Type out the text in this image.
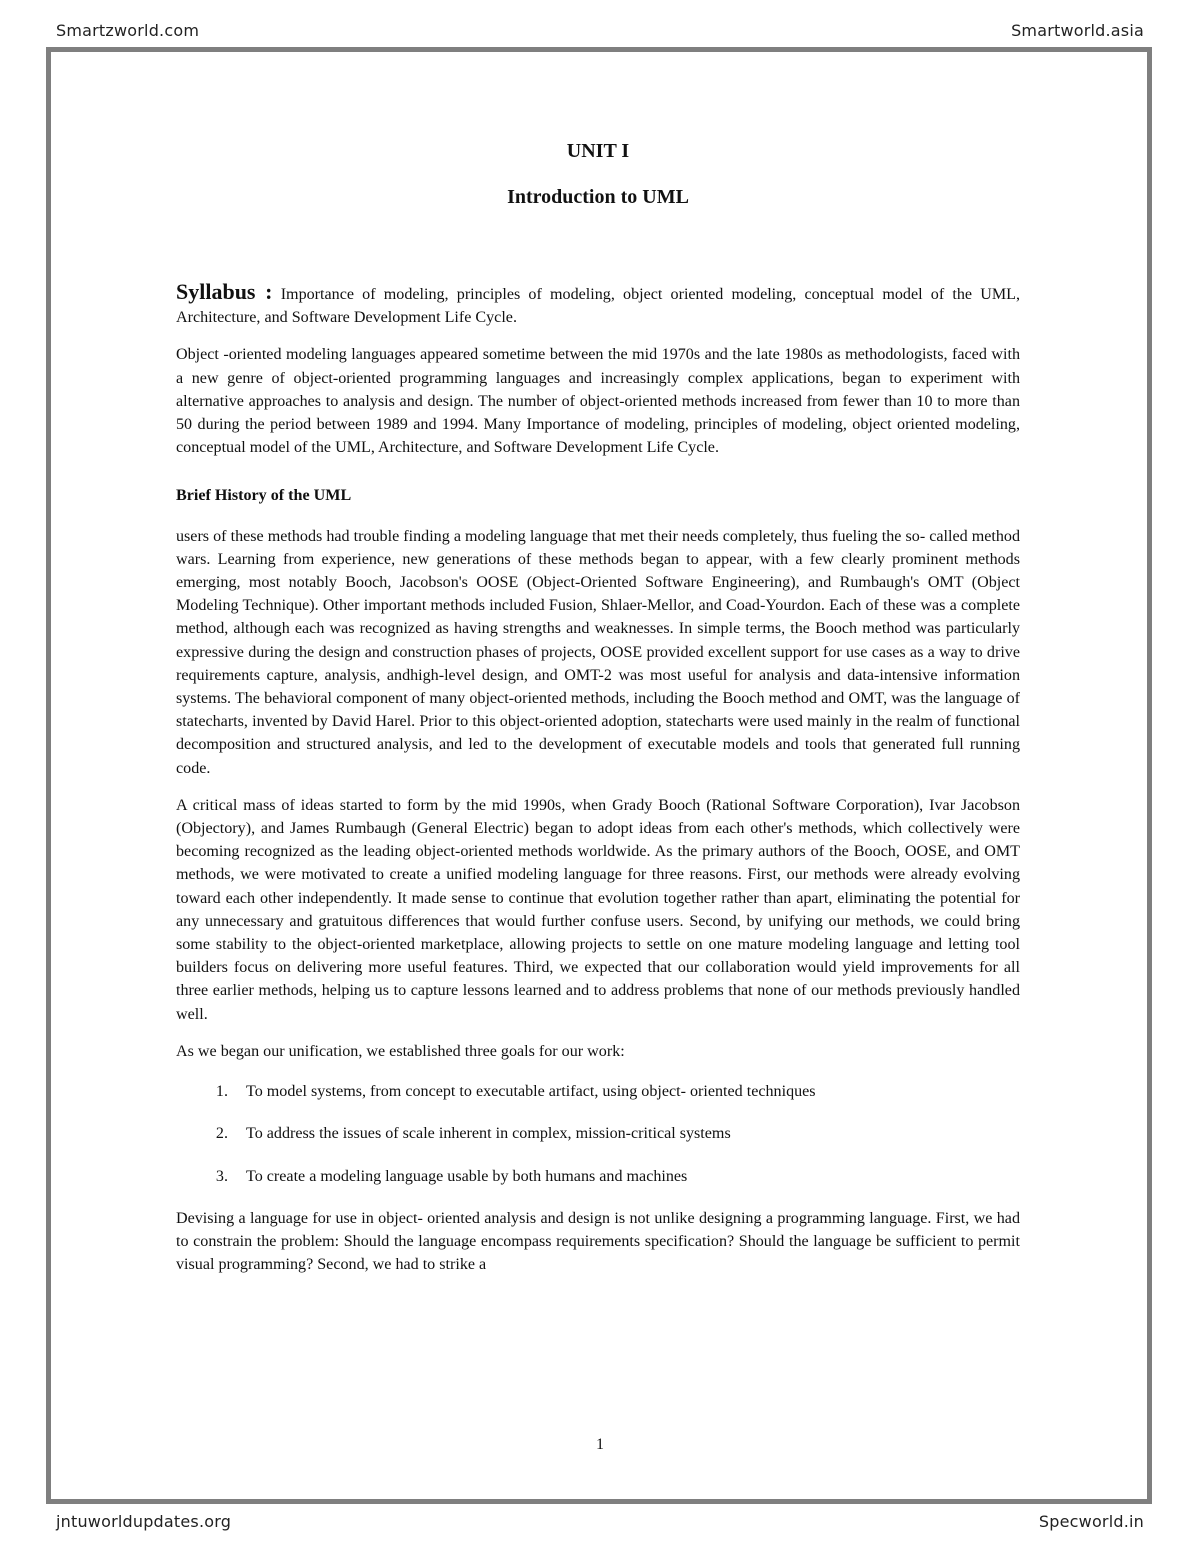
Smartzworld.com	Smartworld.asia
UNIT I
Introduction to UML

Syllabus : Importance of modeling, principles of modeling, object oriented modeling, conceptual model of the UML, Architecture, and Software Development Life Cycle.

Object -oriented modeling languages appeared sometime between the mid 1970s and the late 1980s as methodologists, faced with a new genre of object-oriented programming languages and increasingly complex applications, began to experiment with alternative approaches to analysis and design. The number of object-oriented methods increased from fewer than 10 to more than 50 during the period between 1989 and 1994. Many Importance of modeling, principles of modeling, object oriented modeling, conceptual model of the UML, Architecture, and Software Development Life Cycle.

Brief History of the UML

users of these methods had trouble finding a modeling language that met their needs completely, thus fueling the so- called method wars. Learning from experience, new generations of these methods began to appear, with a few clearly prominent methods emerging, most notably Booch, Jacobson's OOSE (Object-Oriented Software Engineering), and Rumbaugh's OMT (Object Modeling Technique). Other important methods included Fusion, Shlaer-Mellor, and Coad-Yourdon. Each of these was a complete method, although each was recognized as having strengths and weaknesses. In simple terms, the Booch method was particularly expressive during the design and construction phases of projects, OOSE provided excellent support for use cases as a way to drive requirements capture, analysis, andhigh-level design, and OMT-2 was most useful for analysis and data-intensive information systems. The behavioral component of many object-oriented methods, including the Booch method and OMT, was the language of statecharts, invented by David Harel. Prior to this object-oriented adoption, statecharts were used mainly in the realm of functional decomposition and structured analysis, and led to the development of executable models and tools that generated full running code.

A critical mass of ideas started to form by the mid 1990s, when Grady Booch (Rational Software Corporation), Ivar Jacobson (Objectory), and James Rumbaugh (General Electric) began to adopt ideas from each other's methods, which collectively were becoming recognized as the leading object-oriented methods worldwide. As the primary authors of the Booch, OOSE, and OMT methods, we were motivated to create a unified modeling language for three reasons. First, our methods were already evolving toward each other independently. It made sense to continue that evolution together rather than apart, eliminating the potential for any unnecessary and gratuitous differences that would further confuse users. Second, by unifying our methods, we could bring some stability to the object-oriented marketplace, allowing projects to settle on one mature modeling language and letting tool builders focus on delivering more useful features. Third, we expected that our collaboration would yield improvements for all three earlier methods, helping us to capture lessons learned and to address problems that none of our methods previously handled well.

As we began our unification, we established three goals for our work:

1.	To model systems, from concept to executable artifact, using object- oriented techniques
2.	To address the issues of scale inherent in complex, mission-critical systems
3.	To create a modeling language usable by both humans and machines

Devising a language for use in object- oriented analysis and design is not unlike designing a programming language. First, we had to constrain the problem: Should the language encompass requirements specification? Should the language be sufficient to permit visual programming? Second, we had to strike a

1
jntuworldupdates.org	Specworld.in
